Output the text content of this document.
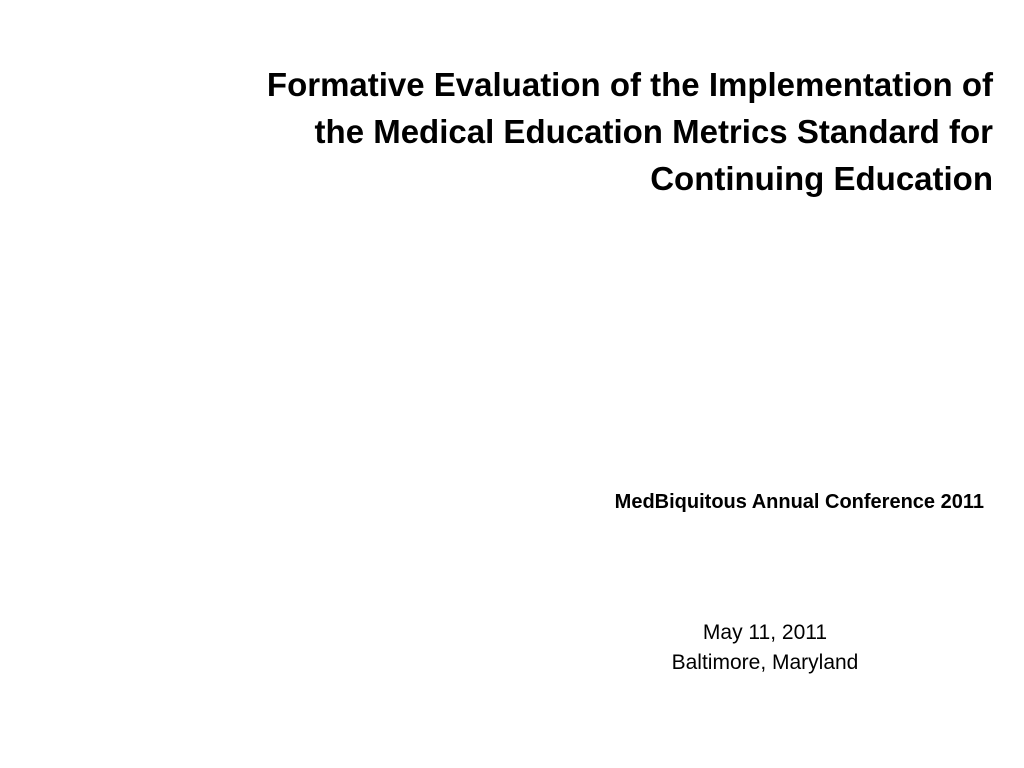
Formative Evaluation of the Implementation of
the Medical Education Metrics Standard for
Continuing Education
MedBiquitous Annual Conference 2011
May 11, 2011
Baltimore, Maryland
